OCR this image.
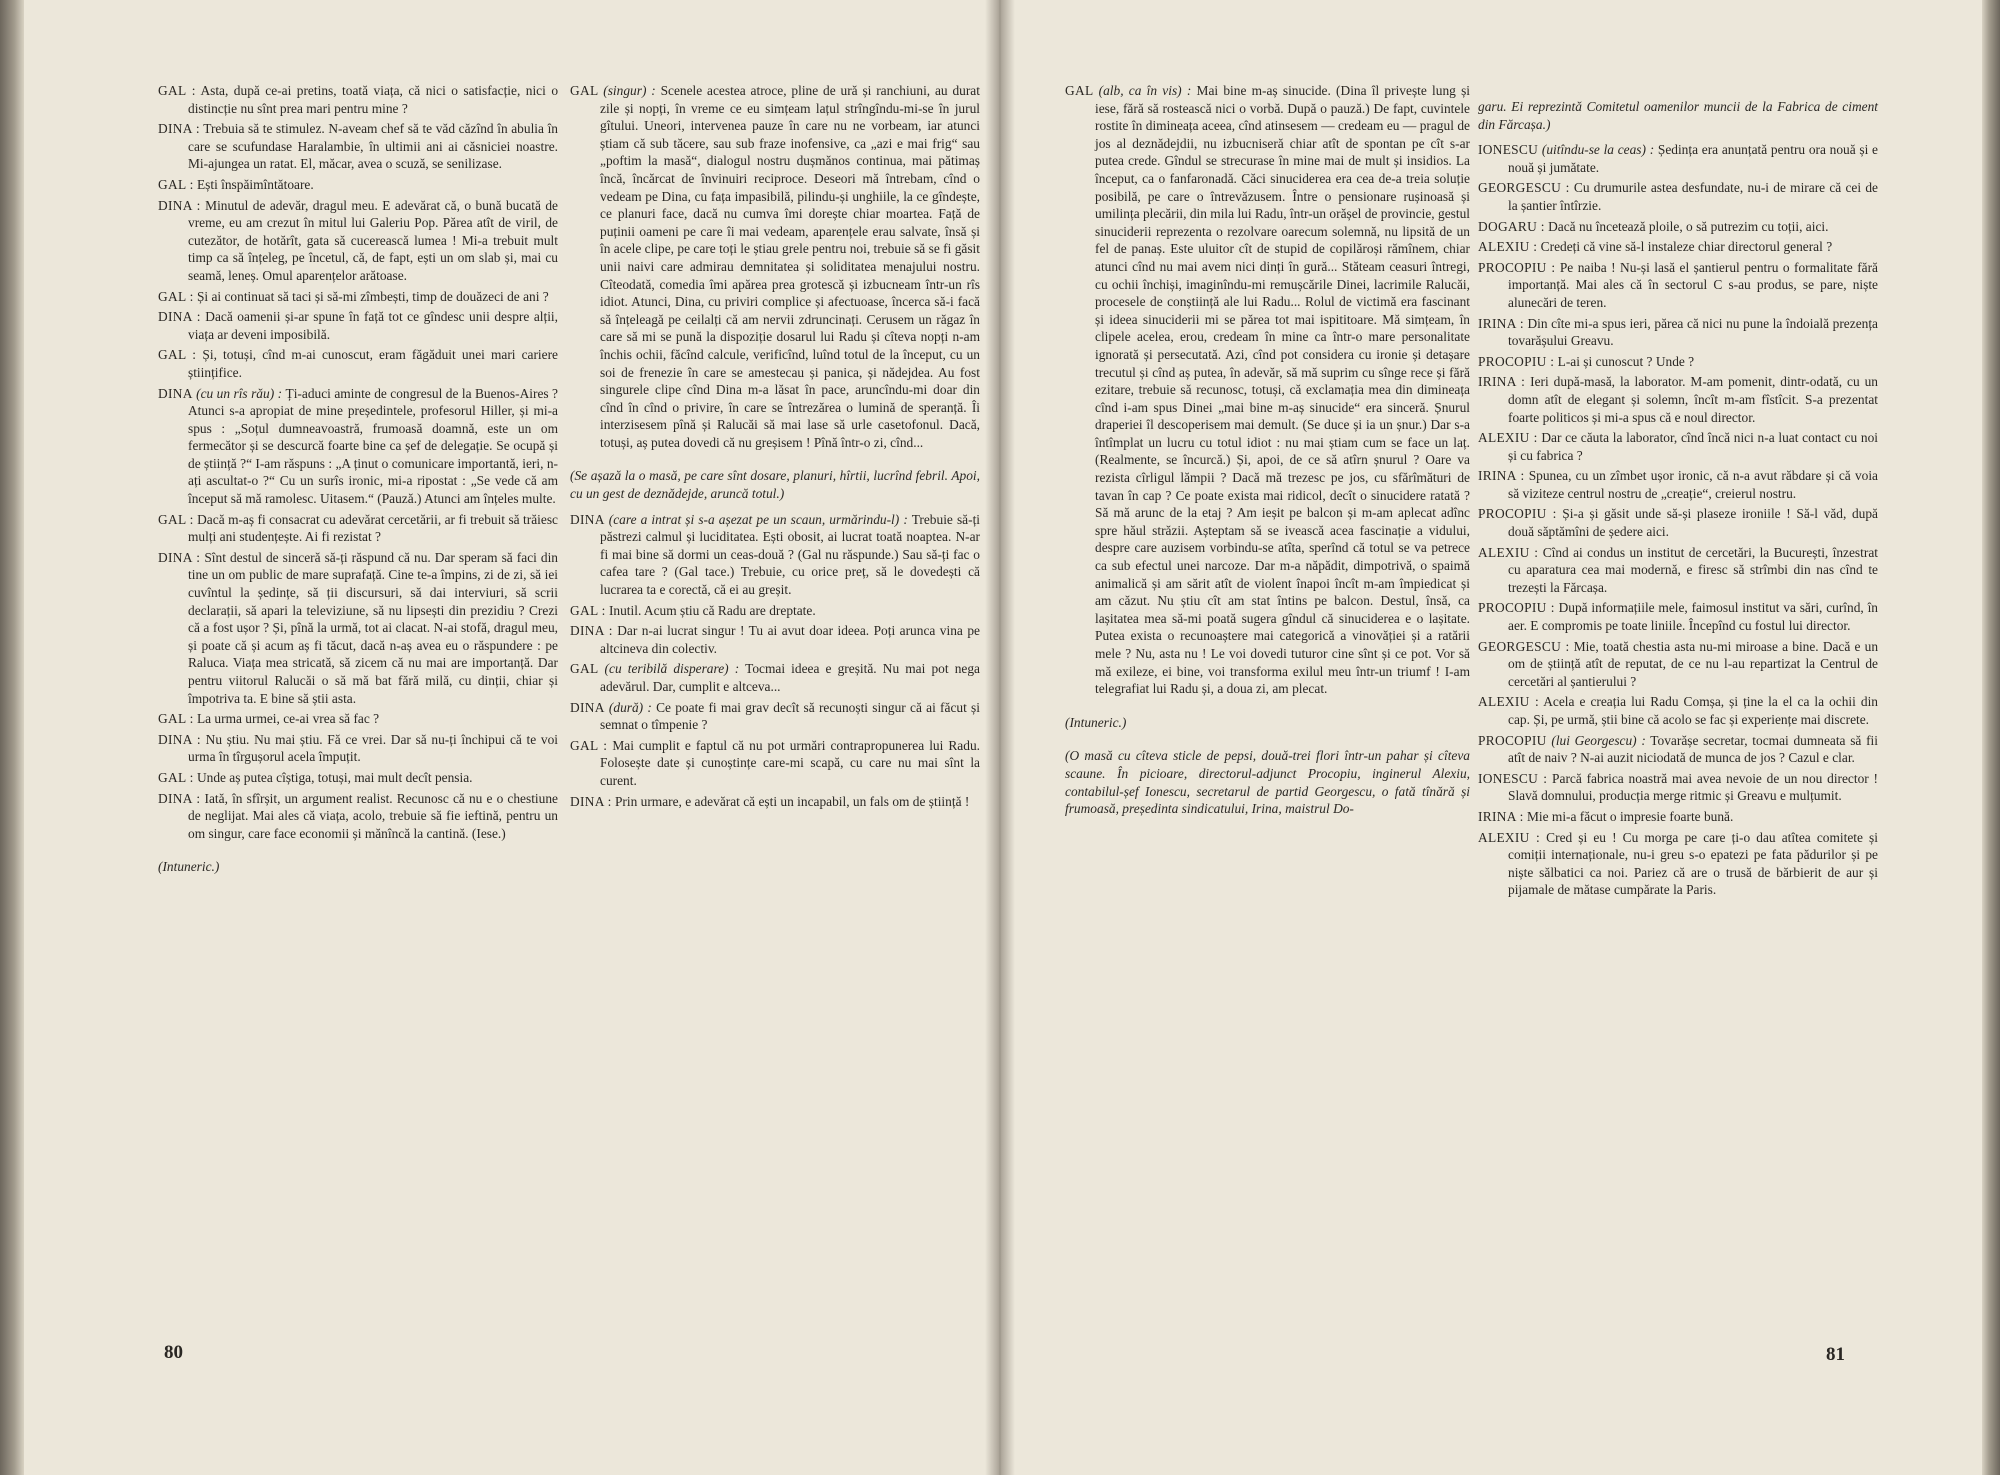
GAL : Asta, după ce-ai pretins, toată viața, că nici o satisfacție, nici o distincție nu sînt prea mari pentru mine ?

DINA : Trebuia să te stimulez. N-aveam chef să te văd căzînd în abulia în care se scufundase Haralambie, în ultimii ani ai căsniciei noastre. Mi-ajungea un ratat. El, măcar, avea o scuză, se senilizase.

GAL : Ești înspăimîntătoare.

DINA : Minutul de adevăr, dragul meu. E adevărat că, o bună bucată de vreme, eu am crezut în mitul lui Galeriu Pop. Părea atît de viril, de cutezător, de hotărît, gata să cucerească lumea ! Mi-a trebuit mult timp ca să înțeleg, pe încetul, că, de fapt, ești un om slab și, mai cu seamă, leneș. Omul aparențelor arătoase.

GAL : Și ai continuat să taci și să-mi zîmbești, timp de douăzeci de ani ?

DINA : Dacă oamenii și-ar spune în față tot ce gîndesc unii despre alții, viața ar deveni imposibilă.

GAL : Și, totuși, cînd m-ai cunoscut, eram făgăduit unei mari cariere științifice.

DINA (cu un rîs rău) : Ți-aduci aminte de congresul de la Buenos-Aires ? Atunci s-a apropiat de mine președintele, profesorul Hiller, și mi-a spus : „Soțul dumneavoastră, frumoasă doamnă, este un om fermecător și se descurcă foarte bine ca șef de delegație. Se ocupă și de știință ?“ I-am răspuns : „A ținut o comunicare importantă, ieri, n-ați ascultat-o ?“ Cu un surîs ironic, mi-a ripostat : „Se vede că am început să mă ramolesc. Uitasem.“ (Pauză.) Atunci am înțeles multe.

GAL : Dacă m-aș fi consacrat cu adevărat cercetării, ar fi trebuit să trăiesc mulți ani studențește. Ai fi rezistat ?

DINA : Sînt destul de sinceră să-ți răspund că nu. Dar speram să faci din tine un om public de mare suprafață. Cine te-a împins, zi de zi, să iei cuvîntul la ședințe, să ții discursuri, să dai interviuri, să scrii declarații, să apari la televiziune, să nu lipsești din prezidiu ? Crezi că a fost ușor ? Și, pînă la urmă, tot ai clacat. N-ai stofă, dragul meu, și poate că și acum aș fi tăcut, dacă n-aș avea eu o răspundere : pe Raluca. Viața mea stricată, să zicem că nu mai are importanță. Dar pentru viitorul Ralucăi o să mă bat fără milă, cu dinții, chiar și împotriva ta. E bine să știi asta.

GAL : La urma urmei, ce-ai vrea să fac ?

DINA : Nu știu. Nu mai știu. Fă ce vrei. Dar să nu-ți închipui că te voi urma în tîrgușorul acela împuțit.

GAL : Unde aș putea cîștiga, totuși, mai mult decît pensia.

DINA : Iată, în sfîrșit, un argument realist. Recunosc că nu e o chestiune de neglijat. Mai ales că viața, acolo, trebuie să fie ieftină, pentru un om singur, care face economii și mănîncă la cantină. (Iese.)

(Intuneric.)

GAL (singur) : Scenele acestea atroce, pline de ură și ranchiuni, au durat zile și nopți, în vreme ce eu simțeam lațul strîngîndu-mi-se în jurul gîtului. Uneori, intervenea pauze în care nu ne vorbeam, iar atunci știam că sub tăcere, sau sub fraze inofensive, ca „azi e mai frig“ sau „poftim la masă“, dialogul nostru dușmănos continua, mai pătimaș încă, încărcat de învinuiri reciproce. Deseori mă întrebam, cînd o vedeam pe Dina, cu fața impasibilă, pilindu-și unghiile, la ce gîndește, ce planuri face, dacă nu cumva îmi dorește chiar moartea. Față de puținii oameni pe care îi mai vedeam, aparențele erau salvate, însă și în acele clipe, pe care toți le știau grele pentru noi, trebuie să se fi găsit unii naivi care admirau demnitatea și soliditatea menajului nostru. Cîteodată, comedia îmi apărea prea grotescă și izbucneam într-un rîs idiot. Atunci, Dina, cu priviri complice și afectuoase, încerca să-i facă să înțeleagă pe ceilalți că am nervii zdruncinați. Cerusem un răgaz în care să mi se pună la dispoziție dosarul lui Radu și cîteva nopți n-am închis ochii, făcînd calcule, verificînd, luînd totul de la început, cu un soi de frenezie în care se amestecau și panica, și nădejdea. Au fost singurele clipe cînd Dina m-a lăsat în pace, aruncîndu-mi doar din cînd în cînd o privire, în care se întrezărea o lumină de speranță. Îi interzisesem pînă și Ralucăi să mai lase să urle casetofonul. Dacă, totuși, aș putea dovedi că nu greșisem ! Pînă într-o zi, cînd...

(Se așază la o masă, pe care sînt dosare, planuri, hîrtii, lucrînd febril. Apoi, cu un gest de deznădejde, aruncă totul.)

DINA (care a intrat și s-a așezat pe un scaun, urmărindu-l) : Trebuie să-ți păstrezi calmul și luciditatea. Ești obosit, ai lucrat toată noaptea. N-ar fi mai bine să dormi un ceas-două ? (Gal nu răspunde.) Sau să-ți fac o cafea tare ? (Gal tace.) Trebuie, cu orice preț, să le dovedești că lucrarea ta e corectă, că ei au greșit.

GAL : Inutil. Acum știu că Radu are dreptate.

DINA : Dar n-ai lucrat singur ! Tu ai avut doar ideea. Poți arunca vina pe altcineva din colectiv.

GAL (cu teribilă disperare) : Tocmai ideea e greșită. Nu mai pot nega adevărul. Dar, cumplit e altceva...

DINA (dură) : Ce poate fi mai grav decît să recunoști singur că ai făcut și semnat o tîmpenie ?

GAL : Mai cumplit e faptul că nu pot urmări contrapropunerea lui Radu. Folosește date și cunoștințe care-mi scapă, cu care nu mai sînt la curent.

DINA : Prin urmare, e adevărat că ești un incapabil, un fals om de știință !

80

GAL (alb, ca în vis) : Mai bine m-aș sinucide. (Dina îl privește lung și iese, fără să rostească nici o vorbă. După o pauză.) De fapt, cuvintele rostite în dimineața aceea, cînd atinsesem — credeam eu — pragul de jos al deznădejdii, nu izbucniseră chiar atît de spontan pe cît s-ar putea crede. Gîndul se strecurase în mine mai de mult și insidios. La început, ca o fanfaronadă. Căci sinuciderea era cea de-a treia soluție posibilă, pe care o întrevăzusem. Între o pensionare rușinoasă și umilința plecării, din mila lui Radu, într-un orășel de provincie, gestul sinuciderii reprezenta o rezolvare oarecum solemnă, nu lipsită de un fel de panaș. Este uluitor cît de stupid de copilăroși rămînem, chiar atunci cînd nu mai avem nici dinți în gură... Stăteam ceasuri întregi, cu ochii închiși, imaginîndu-mi remușcările Dinei, lacrimile Ralucăi, procesele de conștiință ale lui Radu... Rolul de victimă era fascinant și ideea sinuciderii mi se părea tot mai ispititoare. Mă simțeam, în clipele acelea, erou, credeam în mine ca într-o mare personalitate ignorată și persecutată. Azi, cînd pot considera cu ironie și detașare trecutul și cînd aș putea, în adevăr, să mă suprim cu sînge rece și fără ezitare, trebuie să recunosc, totuși, că exclamația mea din dimineața cînd i-am spus Dinei „mai bine m-aș sinucide“ era sinceră. Șnurul draperiei îl descoperisem mai demult. (Se duce și ia un șnur.) Dar s-a întîmplat un lucru cu totul idiot : nu mai știam cum se face un laț. (Realmente, se încurcă.) Și, apoi, de ce să atîrn șnurul ? Oare va rezista cîrligul lămpii ? Dacă mă trezesc pe jos, cu sfărîmături de tavan în cap ? Ce poate exista mai ridicol, decît o sinucidere ratată ? Să mă arunc de la etaj ? Am ieșit pe balcon și m-am aplecat adînc spre hăul străzii. Așteptam să se ivească acea fascinație a vidului, despre care auzisem vorbindu-se atîta, sperînd că totul se va petrece ca sub efectul unei narcoze. Dar m-a năpădit, dimpotrivă, o spaimă animalică și am sărit atît de violent înapoi încît m-am împiedicat și am căzut. Nu știu cît am stat întins pe balcon. Destul, însă, ca lașitatea mea să-mi poată sugera gîndul că sinuciderea e o lașitate. Putea exista o recunoaștere mai categorică a vinovăției și a ratării mele ? Nu, asta nu ! Le voi dovedi tuturor cine sînt și ce pot. Vor să mă exileze, ei bine, voi transforma exilul meu într-un triumf ! I-am telegrafiat lui Radu și, a doua zi, am plecat.

(Intuneric.)

(O masă cu cîteva sticle de pepsi, două-trei flori într-un pahar și cîteva scaune. În picioare, directorul-adjunct Procopiu, inginerul Alexiu, contabilul-șef Ionescu, secretarul de partid Georgescu, o fată tînără și frumoasă, președinta sindicatului, Irina, maistrul Do-

garu. Ei reprezintă Comitetul oamenilor muncii de la Fabrica de ciment din Fărcașa.)

IONESCU (uitîndu-se la ceas) : Ședința era anunțată pentru ora nouă și e nouă și jumătate.

GEORGESCU : Cu drumurile astea desfundate, nu-i de mirare că cei de la șantier întîrzie.

DOGARU : Dacă nu încetează ploile, o să putrezim cu toții, aici.

ALEXIU : Credeți că vine să-l instaleze chiar directorul general ?

PROCOPIU : Pe naiba ! Nu-și lasă el șantierul pentru o formalitate fără importanță. Mai ales că în sectorul C s-au produs, se pare, niște alunecări de teren.

IRINA : Din cîte mi-a spus ieri, părea că nici nu pune la îndoială prezența tovarășului Greavu.

PROCOPIU : L-ai și cunoscut ? Unde ?

IRINA : Ieri după-masă, la laborator. M-am pomenit, dintr-odată, cu un domn atît de elegant și solemn, încît m-am fîstîcit. S-a prezentat foarte politicos și mi-a spus că e noul director.

ALEXIU : Dar ce căuta la laborator, cînd încă nici n-a luat contact cu noi și cu fabrica ?

IRINA : Spunea, cu un zîmbet ușor ironic, că n-a avut răbdare și că voia să viziteze centrul nostru de „creație“, creierul nostru.

PROCOPIU : Și-a și găsit unde să-și plaseze ironiile ! Să-l văd, după două săptămîni de ședere aici.

ALEXIU : Cînd ai condus un institut de cercetări, la București, înzestrat cu aparatura cea mai modernă, e firesc să strîmbi din nas cînd te trezești la Fărcașa.

PROCOPIU : După informațiile mele, faimosul institut va sări, curînd, în aer. E compromis pe toate liniile. Începînd cu fostul lui director.

GEORGESCU : Mie, toată chestia asta nu-mi miroase a bine. Dacă e un om de știință atît de reputat, de ce nu l-au repartizat la Centrul de cercetări al șantierului ?

ALEXIU : Acela e creația lui Radu Comșa, și ține la el ca la ochii din cap. Și, pe urmă, știi bine că acolo se fac și experiențe mai discrete.

PROCOPIU (lui Georgescu) : Tovarășe secretar, tocmai dumneata să fii atît de naiv ? N-ai auzit niciodată de munca de jos ? Cazul e clar.

IONESCU : Parcă fabrica noastră mai avea nevoie de un nou director ! Slavă domnului, producția merge ritmic și Greavu e mulțumit.

IRINA : Mie mi-a făcut o impresie foarte bună.

ALEXIU : Cred și eu ! Cu morga pe care ți-o dau atîtea comitete și comiții internaționale, nu-i greu s-o epatezi pe fata pădurilor și pe niște sălbatici ca noi. Pariez că are o trusă de bărbierit de aur și pijamale de mătase cumpărate la Paris.

81
